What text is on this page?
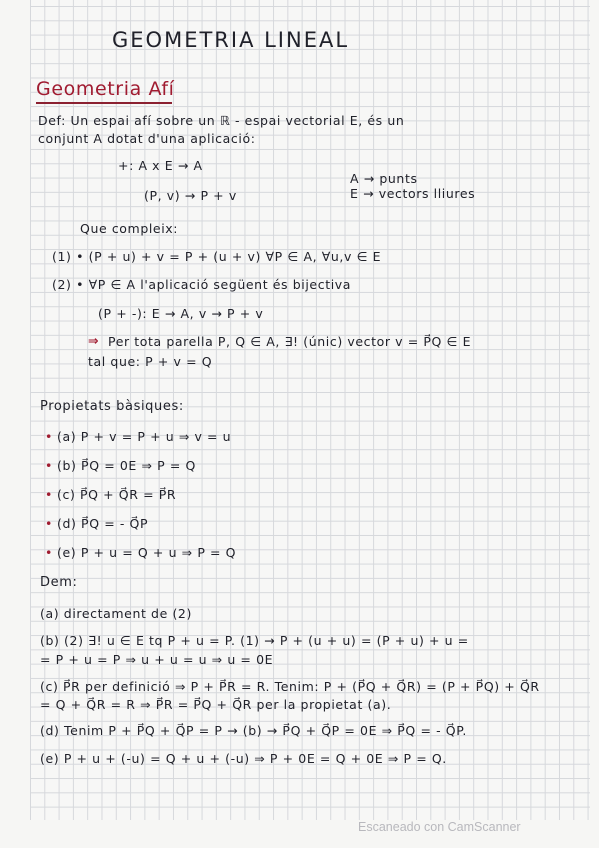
GEOMETRIA LINEAL
Geometria Afí
Def: Un espai afí sobre un ℝ - espai vectorial E, és un
conjunt A dotat d'una aplicació:
+: A x E → A
(P, v) → P + v
A → punts
E → vectors lliures
Que compleix:
(1) • (P + u) + v = P + (u + v) ∀P ∈ A, ∀u,v ∈ E
(2) • ∀P ∈ A l'aplicació següent és bijectiva
(P + -): E → A, v → P + v
⇒ Per tota parella P, Q ∈ A, ∃! (únic) vector v = P⃗Q ∈ E
tal que: P + v = Q
Propietats bàsiques:
• (a) P + v = P + u ⇒ v = u
• (b) P⃗Q = 0E ⇒ P = Q
• (c) P⃗Q + Q⃗R = P⃗R
• (d) P⃗Q = - Q⃗P
• (e) P + u = Q + u ⇒ P = Q
Dem:
(a) directament de (2)
(b) (2) ∃! u ∈ E tq P + u = P. (1) → P + (u + u) = (P + u) + u =
= P + u = P ⇒ u + u = u ⇒ u = 0E
(c) P⃗R per definició ⇒ P + P⃗R = R. Tenim: P + (P⃗Q + Q⃗R) = (P + P⃗Q) + Q⃗R
= Q + Q⃗R = R ⇒ P⃗R = P⃗Q + Q⃗R per la propietat (a).
(d) Tenim P + P⃗Q + Q⃗P = P → (b) → P⃗Q + Q⃗P = 0E ⇒ P⃗Q = - Q⃗P.
(e) P + u + (-u) = Q + u + (-u) ⇒ P + 0E = Q + 0E ⇒ P = Q.
Escaneado con CamScanner
